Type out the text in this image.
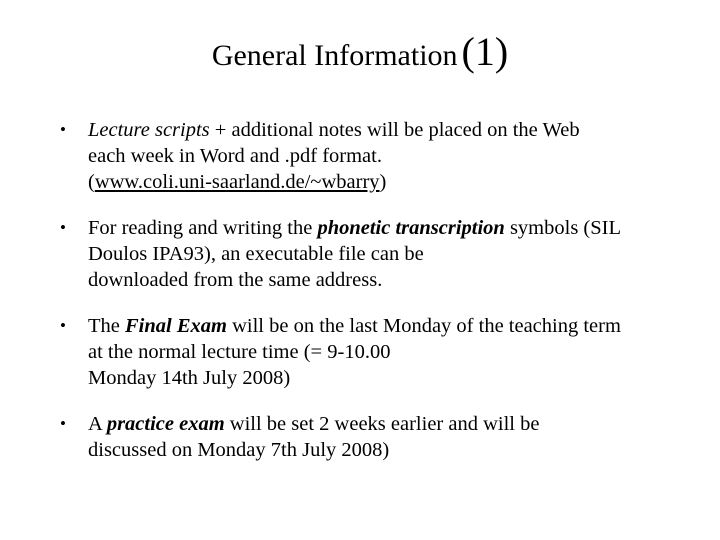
General Information (1)
• Lecture scripts + additional notes will be placed on the Web
each week in Word and .pdf format.
(www.coli.uni-saarland.de/~wbarry)
• For reading and writing the phonetic transcription symbols (SIL
Doulos IPA93), an executable file can be
downloaded from the same address.
• The Final Exam will be on the last Monday of the teaching term
at the normal lecture time (= 9-10.00
Monday 14th July 2008)
• A practice exam will be set 2 weeks earlier and will be
discussed on Monday 7th July 2008)
